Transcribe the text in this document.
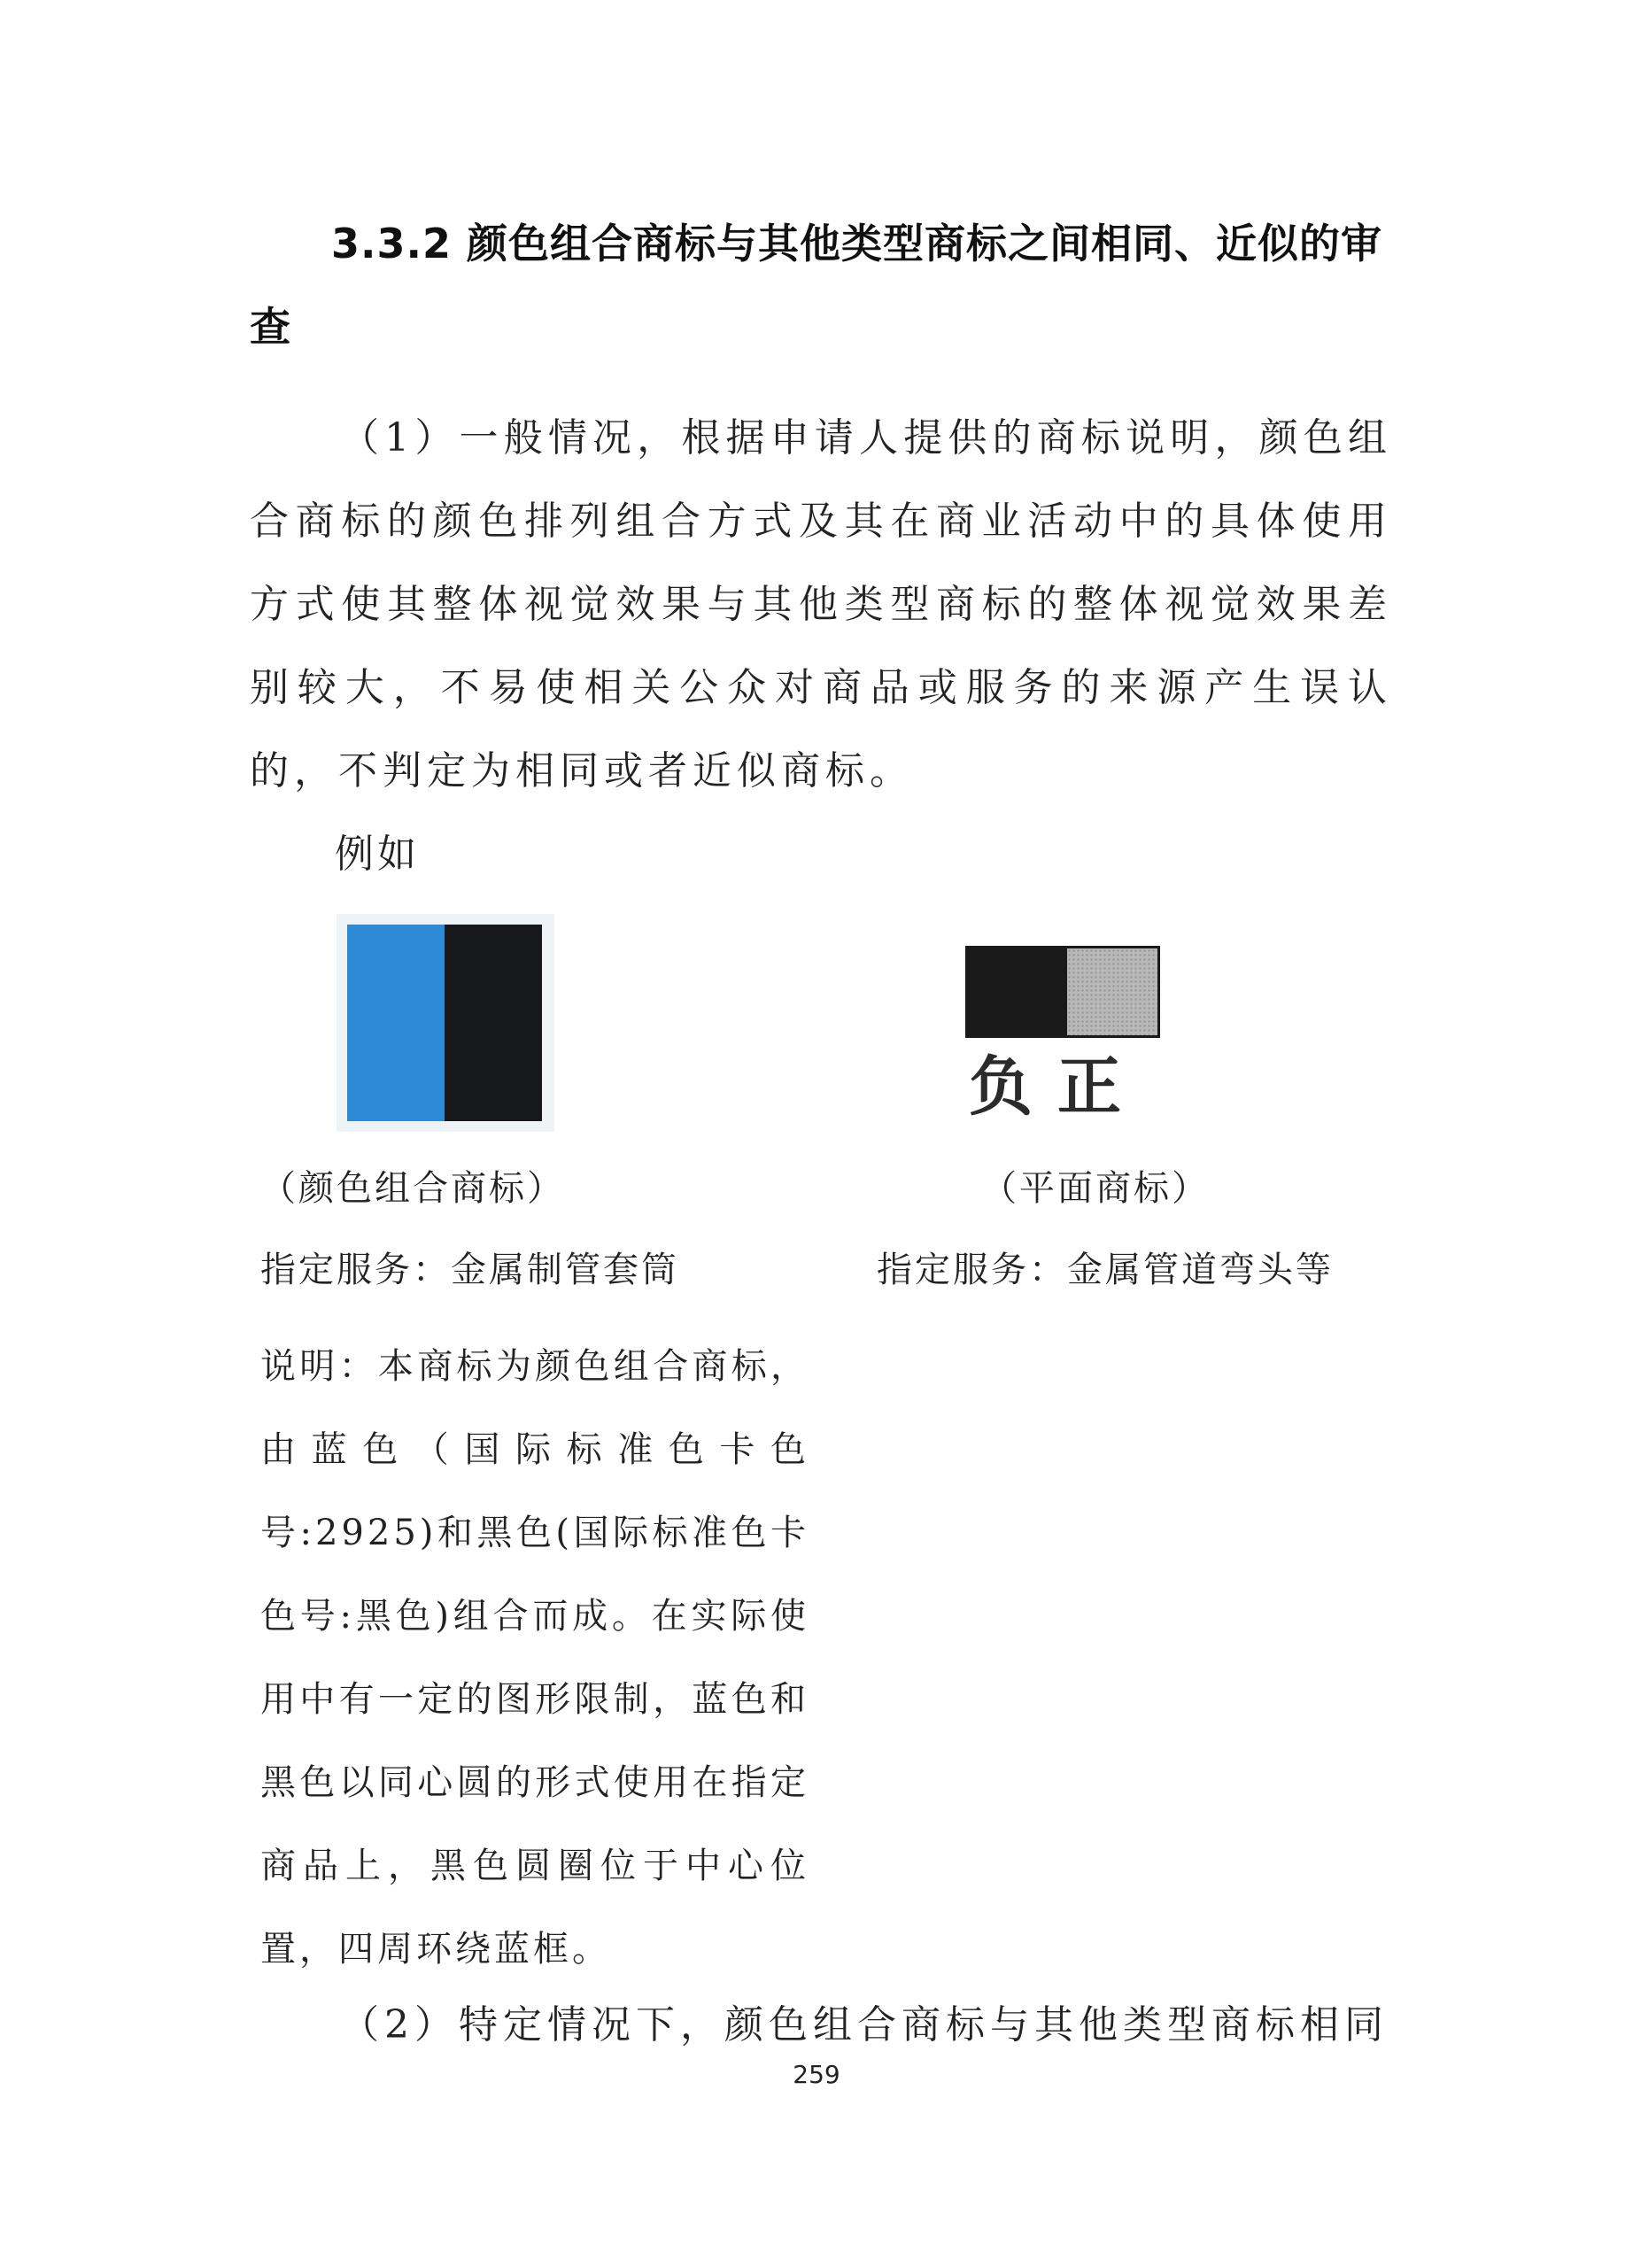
3.3.2 颜色组合商标与其他类型商标之间相同、近似的审查
（1）一般情况，根据申请人提供的商标说明，颜色组合商标的颜色排列组合方式及其在商业活动中的具体使用方式使其整体视觉效果与其他类型商标的整体视觉效果差别较大，不易使相关公众对商品或服务的来源产生误认的，不判定为相同或者近似商标。
例如
负正
（颜色组合商标）	（平面商标）
指定服务：金属制管套筒	指定服务：金属管道弯头等
说明：本商标为颜色组合商标，由蓝色（国际标准色卡色号:2925)和黑色(国际标准色卡色号:黑色)组合而成。在实际使用中有一定的图形限制，蓝色和黑色以同心圆的形式使用在指定商品上，黑色圆圈位于中心位置，四周环绕蓝框。
（2）特定情况下，颜色组合商标与其他类型商标相同
259
